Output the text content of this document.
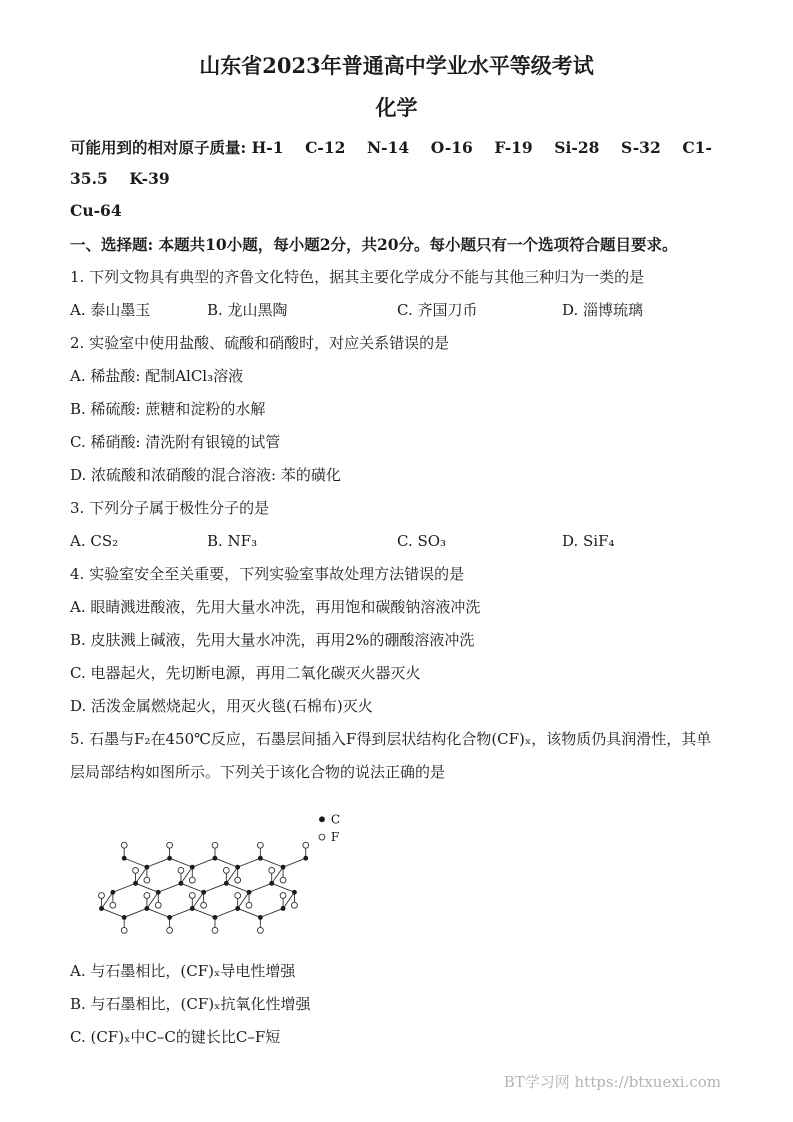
山东省2023年普通高中学业水平等级考试
化学

可能用到的相对原子质量: H-1    C-12    N-14    O-16    F-19    Si-28    S-32    C1-35.5    K-39
Cu-64

一、选择题: 本题共10小题，每小题2分，共20分。每小题只有一个选项符合题目要求。

1. 下列文物具有典型的齐鲁文化特色，据其主要化学成分不能与其他三种归为一类的是

A. 泰山墨玉	B. 龙山黑陶	C. 齐国刀币	D. 淄博琉璃

2. 实验室中使用盐酸、硫酸和硝酸时，对应关系错误的是

A. 稀盐酸: 配制AlCl₃溶液

B. 稀硫酸: 蔗糖和淀粉的水解

C. 稀硝酸: 清洗附有银镜的试管

D. 浓硫酸和浓硝酸的混合溶液: 苯的磺化

3. 下列分子属于极性分子的是

A. CS₂	B. NF₃	C. SO₃	D. SiF₄

4. 实验室安全至关重要，下列实验室事故处理方法错误的是

A. 眼睛溅进酸液，先用大量水冲洗，再用饱和碳酸钠溶液冲洗

B. 皮肤溅上碱液，先用大量水冲洗，再用2%的硼酸溶液冲洗

C. 电器起火，先切断电源，再用二氧化碳灭火器灭火

D. 活泼金属燃烧起火，用灭火毯(石棉布)灭火

5. 石墨与F₂在450℃反应，石墨层间插入F得到层状结构化合物(CF)ₓ，该物质仍具润滑性，其单层局部结构如图所示。下列关于该化合物的说法正确的是

C
F

A. 与石墨相比，(CF)ₓ导电性增强

B. 与石墨相比，(CF)ₓ抗氧化性增强

C. (CF)ₓ中C–C的键长比C–F短

BT学习网 https://btxuexi.com
